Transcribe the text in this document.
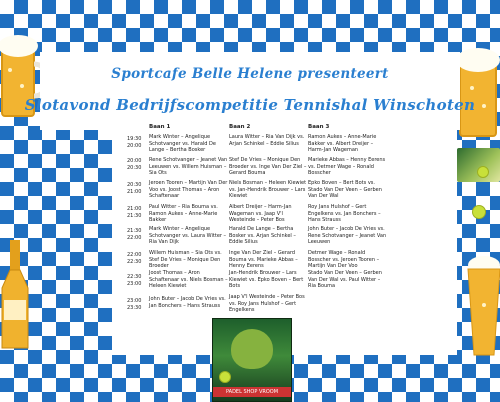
Sportcafe Belle Helene presenteert
Slotavond Bedrijfscompetitie Tennishal Winschoten
Baan 1	Baan 2	Baan 3
19:30 20:00
Mark Winter – Angelique Schotvanger vs. Harald De Lange – Bertha Bosker
Laura Witter – Ria Van Dijk vs. Arjan Schinkel – Eddie Silius
Ramon Aukes – Anne-Marie Bakker vs. Albert Dreijer – Harm-Jan Wageman
20:00 20:30
Rene Schotvanger – Jeanet Van Leeuwen vs. Willem Huisman – Sia Ots
Stef De Vries – Monique Den Broeder vs. Inge Van Der Ziel – Gerard Bouma
Marieke Abbas – Henny Eerens vs. Detmer Wage – Ronald Bosscher
20:30 21:00
Jeroen Tooren – Martijn Van Der Voo vs. Joost Thomas – Aron Schaftenaar
Niels Bosman – Heleen Kiewiet vs. Jan-Hendrik Brouwer – Lars Kiewiet
Epko Boven – Bert Bots vs. Stado Van Der Veen – Gerben Van Der Wal
21:00 21:30
Paul Witter – Ria Bouma vs. Ramon Aukes – Anne-Marie Bakker
Albert Dreijer – Harm-Jan Wageman vs. Jaap V'l Westeinde – Peter Bos
Roy Jans Hulshof – Gert Engelkens vs. Jan Bonchers – Hans Strauss
21:30 22:00
Mark Winter – Angelique Schotvanger vs. Laura Witter – Ria Van Dijk
Harald De Lange – Bertha Bosker vs. Arjan Schinkel – Eddie Silius
John Buter – Jacob De Vries vs. Rene Schotvanger – Jeanet Van Leeuwen
22:00 22:30
Willem Huisman – Sia Ots vs. Stef De Vries – Monique Den Broeder
Inge Van Der Ziel – Gerard Bouma vs. Marieke Abbas – Henny Eerens
Detmer Wage – Ronald Bosscher vs. Jeroen Tooren – Martijn Van Der Voo
22:30 23:00
Joost Thomas – Aron Schaftenaar vs. Niels Bosman – Heleen Kiewiet
Jan-Hendrik Brouwer – Lars Kiewiet vs. Epko Boven – Bert Bots
Stado Van Der Veen – Gerben Van Der Wal vs. Paul Witter – Ria Bouma
23:00 23:30
John Buter – Jacob De Vries vs. Jan Bonchers – Hans Strauss
Jaap V'l Westeinde – Peter Bos vs. Roy Jans Hulshof – Gert Engelkens
PADEL SHOP VROOM
